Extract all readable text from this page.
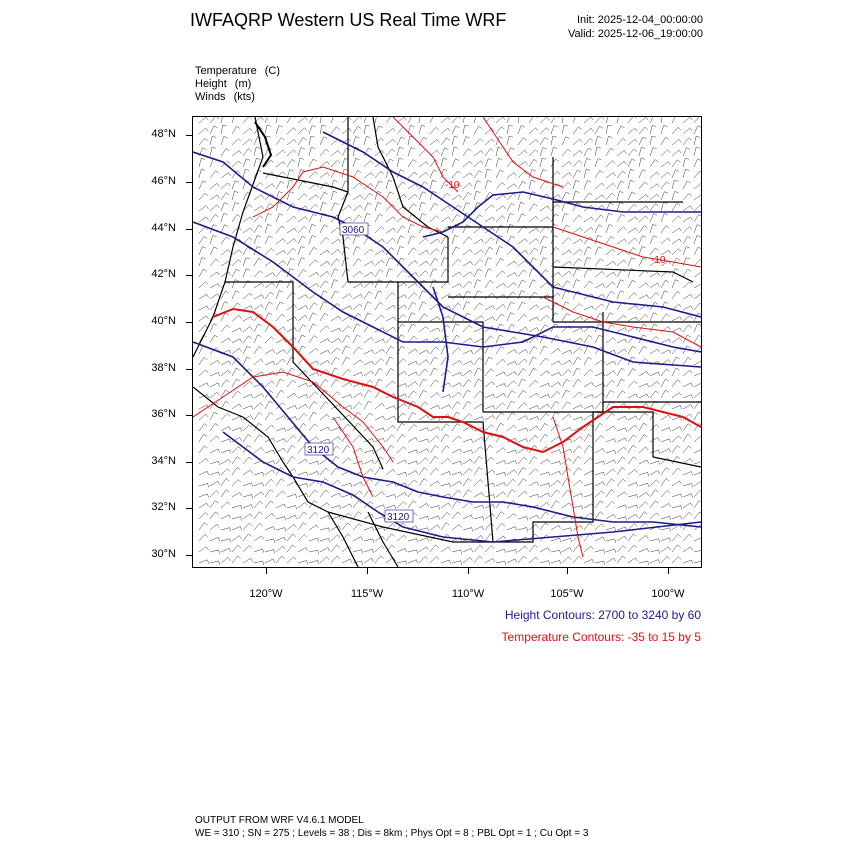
IWFAQRP Western US Real Time WRF	Init: 2025-12-04_00:00:00
Valid: 2025-12-06_19:00:00
Temperature (C)
Height (m)
Winds (kts)
48°N
46°N
44°N
42°N
40°N
38°N
36°N
34°N
32°N
30°N
120°W	115°W	110°W	105°W	100°W
3060
3120
3120
-10
-10
Height Contours: 2700 to 3240 by 60
Temperature Contours: -35 to 15 by 5
OUTPUT FROM WRF V4.6.1 MODEL
WE = 310 ; SN = 275 ; Levels = 38 ; Dis = 8km ; Phys Opt = 8 ; PBL Opt = 1 ; Cu Opt = 3
